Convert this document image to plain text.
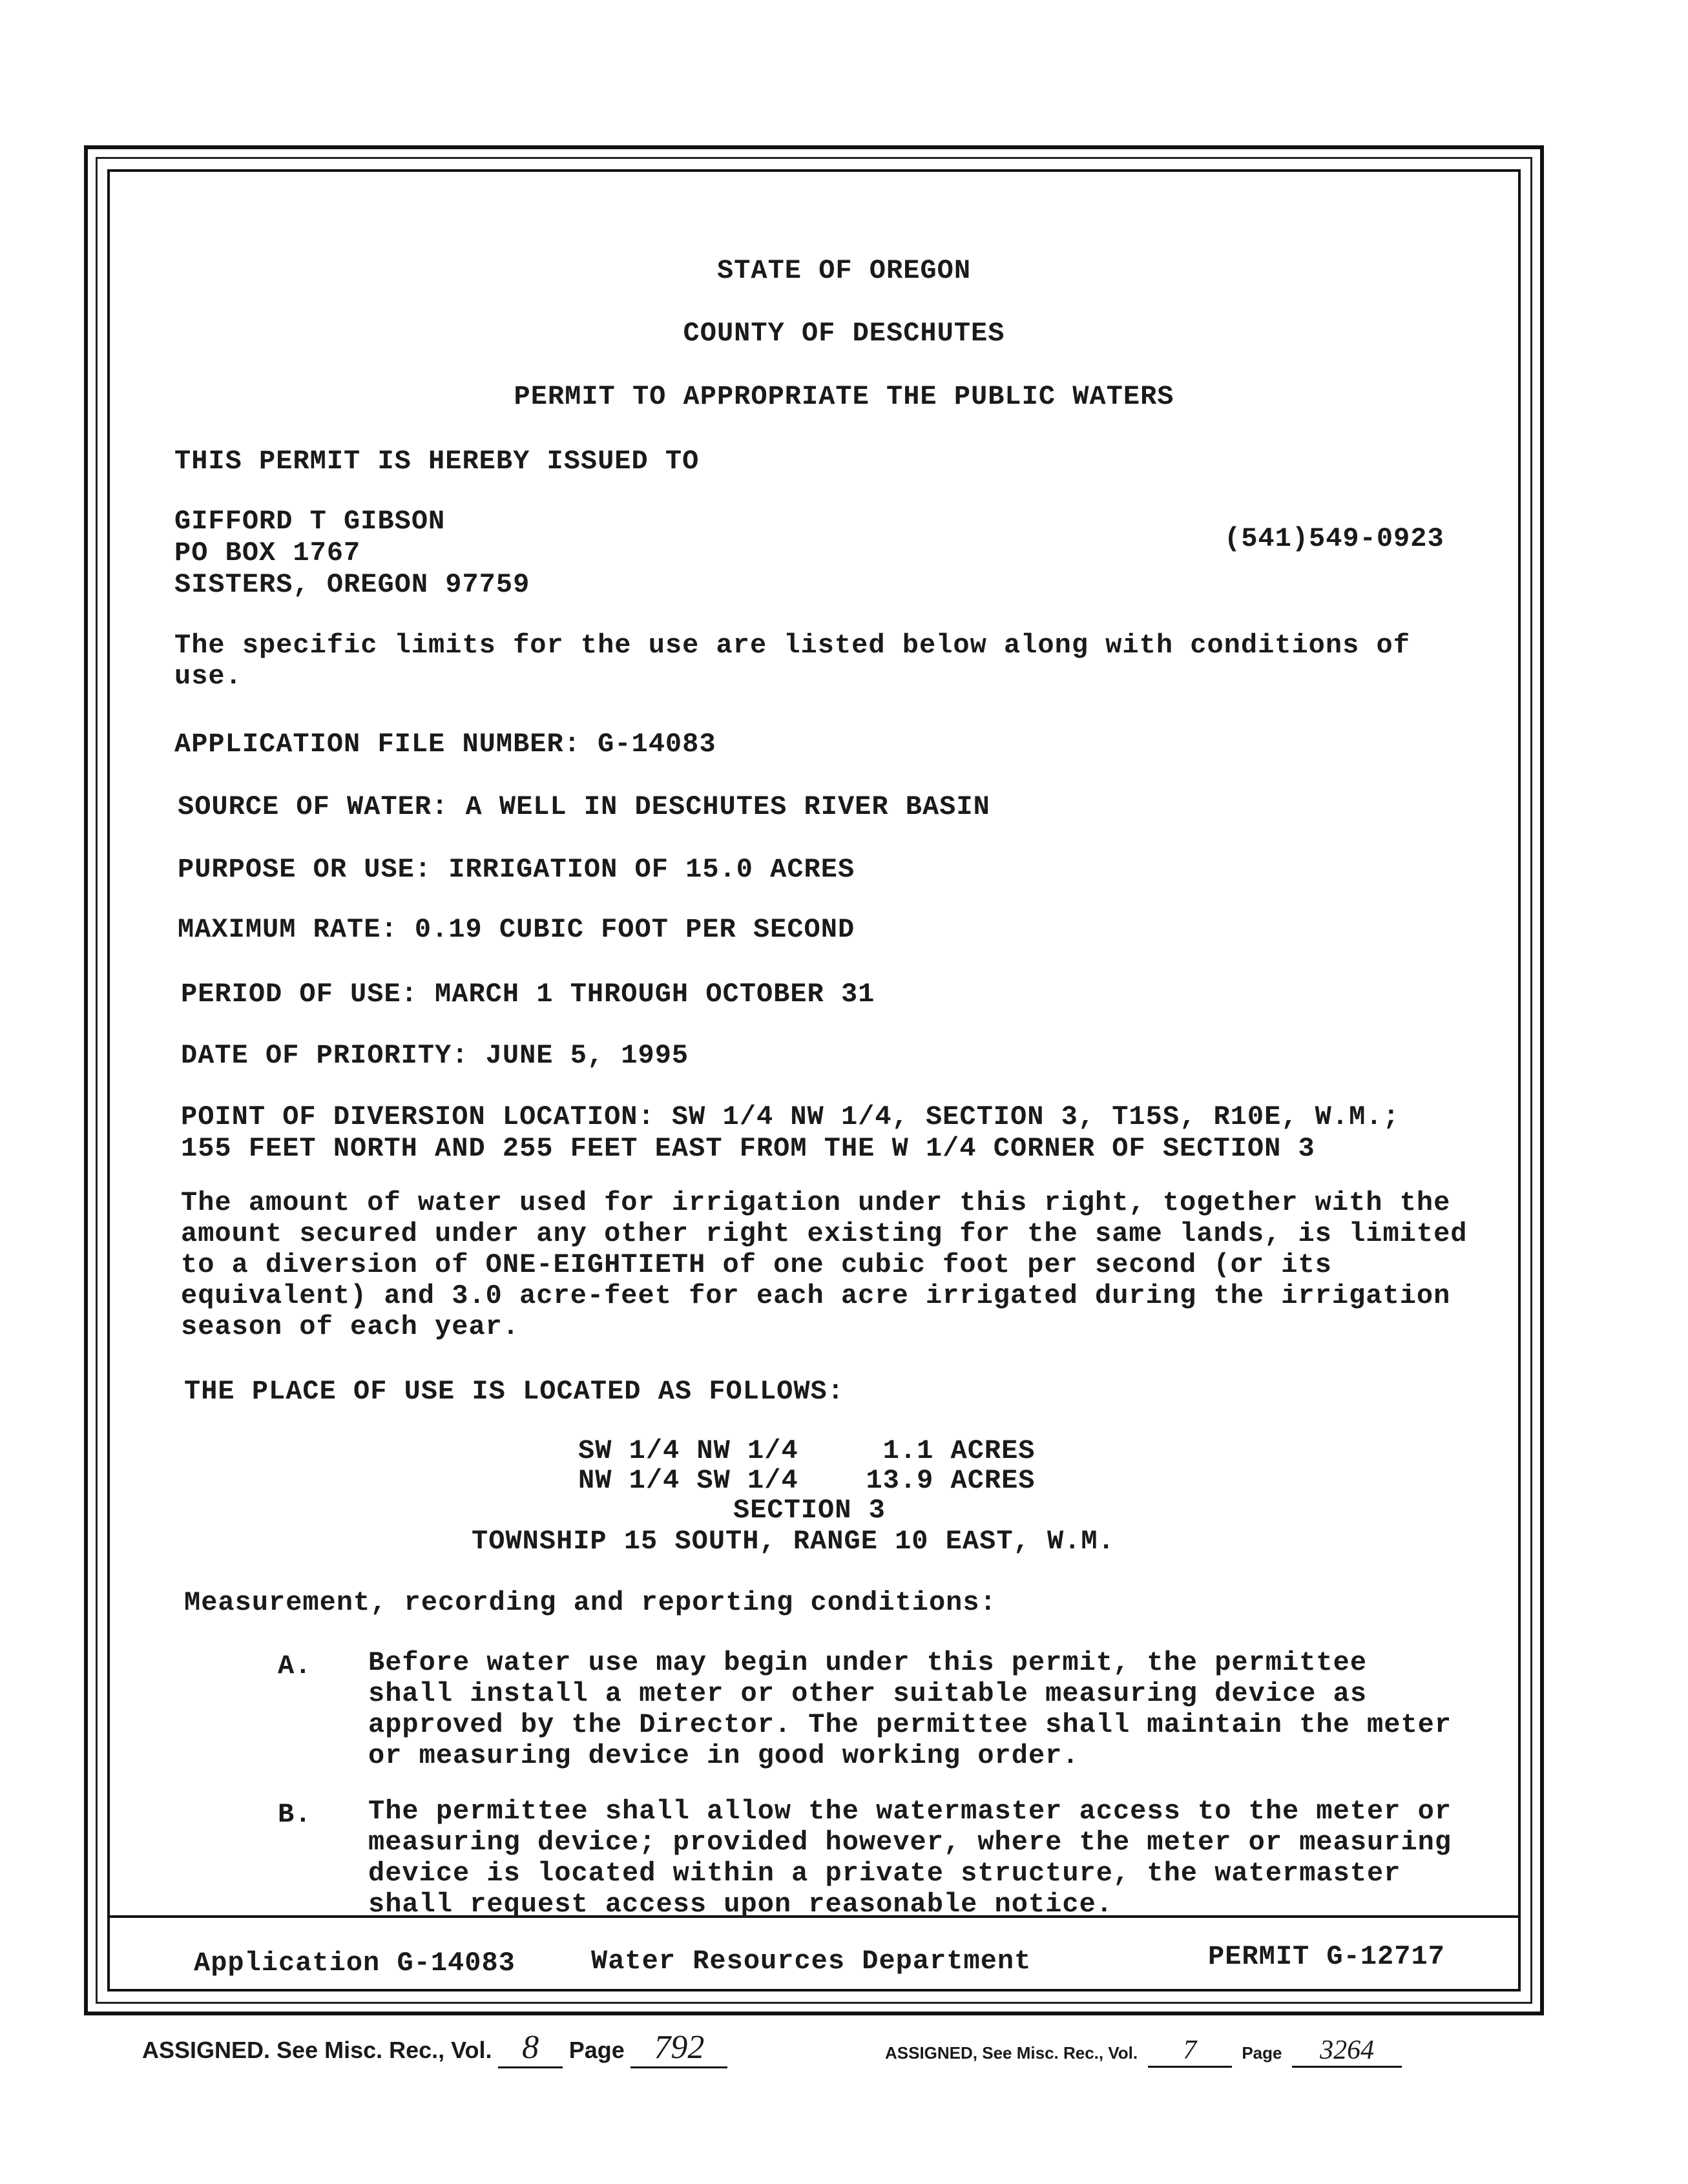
STATE OF OREGON
COUNTY OF DESCHUTES
PERMIT TO APPROPRIATE THE PUBLIC WATERS
THIS PERMIT IS HEREBY ISSUED TO
GIFFORD T GIBSON
PO BOX 1767
SISTERS, OREGON 97759
(541)549-0923
The specific limits for the use are listed below along with conditions of use.
APPLICATION FILE NUMBER: G-14083
SOURCE OF WATER: A WELL IN DESCHUTES RIVER BASIN
PURPOSE OR USE: IRRIGATION OF 15.0 ACRES
MAXIMUM RATE: 0.19 CUBIC FOOT PER SECOND
PERIOD OF USE: MARCH 1 THROUGH OCTOBER 31
DATE OF PRIORITY: JUNE 5, 1995
POINT OF DIVERSION LOCATION: SW 1/4 NW 1/4, SECTION 3, T15S, R10E, W.M.;
155 FEET NORTH AND 255 FEET EAST FROM THE W 1/4 CORNER OF SECTION 3
The amount of water used for irrigation under this right, together with the amount secured under any other right existing for the same lands, is limited to a diversion of ONE-EIGHTIETH of one cubic foot per second (or its equivalent) and 3.0 acre-feet for each acre irrigated during the irrigation season of each year.
THE PLACE OF USE IS LOCATED AS FOLLOWS:
SW 1/4 NW 1/4     1.1 ACRES
NW 1/4 SW 1/4    13.9 ACRES
SECTION 3
TOWNSHIP 15 SOUTH, RANGE 10 EAST, W.M.
Measurement, recording and reporting conditions:
A. Before water use may begin under this permit, the permittee shall install a meter or other suitable measuring device as approved by the Director. The permittee shall maintain the meter or measuring device in good working order.
B. The permittee shall allow the watermaster access to the meter or measuring device; provided however, where the meter or measuring device is located within a private structure, the watermaster shall request access upon reasonable notice.
Application G-14083	Water Resources Department	PERMIT G-12717
ASSIGNED. See Misc. Rec., Vol. 8 Page 792	ASSIGNED, See Misc. Rec., Vol. 7	Page 3264
